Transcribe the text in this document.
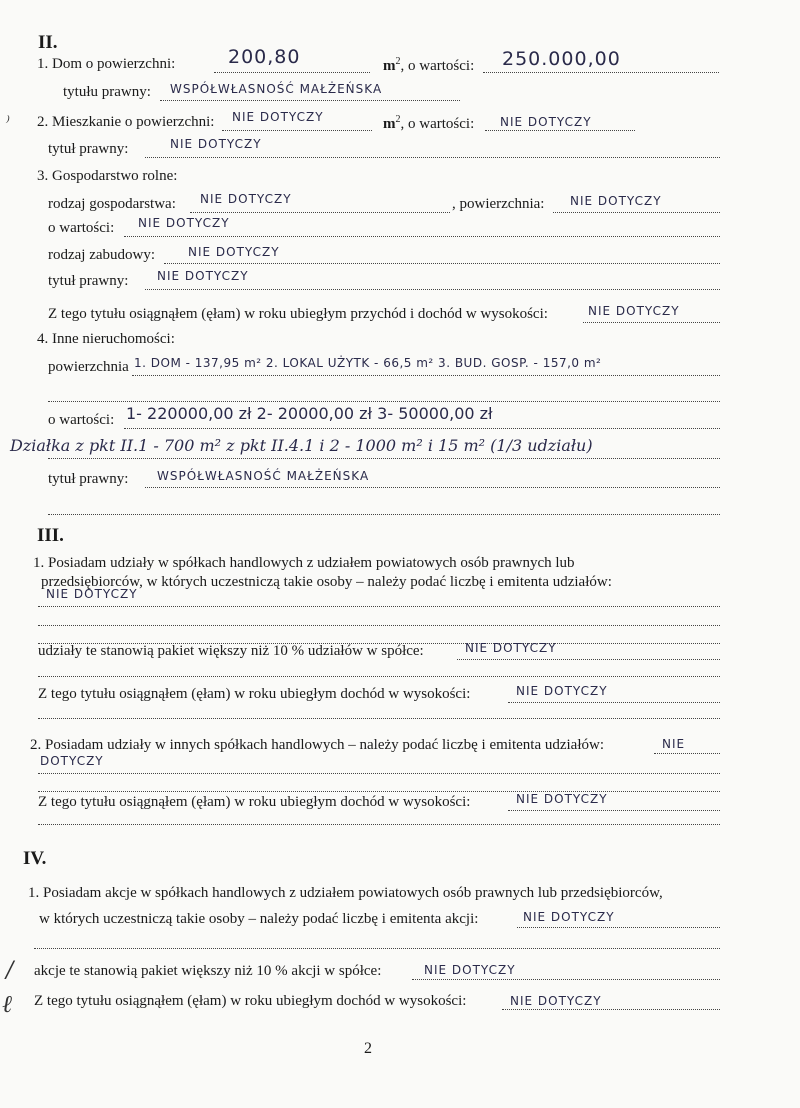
II.
1. Dom o powierzchni:	200,80	$m^2$, o wartości: 250.000,00
tytułu prawny: WSPÓŁWŁASNOŚĆ MAŁŻEŃSKA
⁾ 2. Mieszkanie o powierzchni: NIE DOTYCZY	$m^2$, o wartości: NIE DOTYCZY
tytuł prawny:	NIE DOTYCZY
3. Gospodarstwo rolne:
rodzaj gospodarstwa: NIE DOTYCZY	, powierzchnia: NIE DOTYCZY
o wartości: NIE DOTYCZY
rodzaj zabudowy:	NIE DOTYCZY
tytuł prawny: NIE DOTYCZY
Z tego tytułu osiągnąłem (ęłam) w roku ubiegłym przychód i dochód w wysokości:	NIE DOTYCZY
4. Inne nieruchomości:
powierzchnia 1. DOM - 137,95 m² 2. LOKAL UŻYTK - 66,5 m² 3. BUD. GOSP. - 157,0 m²
o wartości: 1- 220000,00 zł 2- 20000,00 zł 3- 50000,00 zł
Działka z pkt II.1 - 700 m² z pkt II.4.1 i 2 - 1000 m² i 15 m² (1/3 udziału)
tytuł prawny: WSPÓŁWŁASNOŚĆ MAŁŻEŃSKA
III.
1. Posiadam udziały w spółkach handlowych z udziałem powiatowych osób prawnych lub
przedsiębiorców, w których uczestniczą takie osoby – należy podać liczbę i emitenta udziałów:
NIE DOTYCZY
udziały te stanowią pakiet większy niż 10 % udziałów w spółce:	NIE DOTYCZY
Z tego tytułu osiągnąłem (ęłam) w roku ubiegłym dochód w wysokości:	NIE DOTYCZY
2. Posiadam udziały w innych spółkach handlowych – należy podać liczbę i emitenta udziałów:	NIE
DOTYCZY
Z tego tytułu osiągnąłem (ęłam) w roku ubiegłym dochód w wysokości:	NIE DOTYCZY
IV.
1. Posiadam akcje w spółkach handlowych z udziałem powiatowych osób prawnych lub przedsiębiorców,
w których uczestniczą takie osoby – należy podać liczbę i emitenta akcji:	NIE DOTYCZY
/ akcje te stanowią pakiet większy niż 10 % akcji w spółce:	NIE DOTYCZY
ℓ Z tego tytułu osiągnąłem (ęłam) w roku ubiegłym dochód w wysokości:	NIE DOTYCZY
2
